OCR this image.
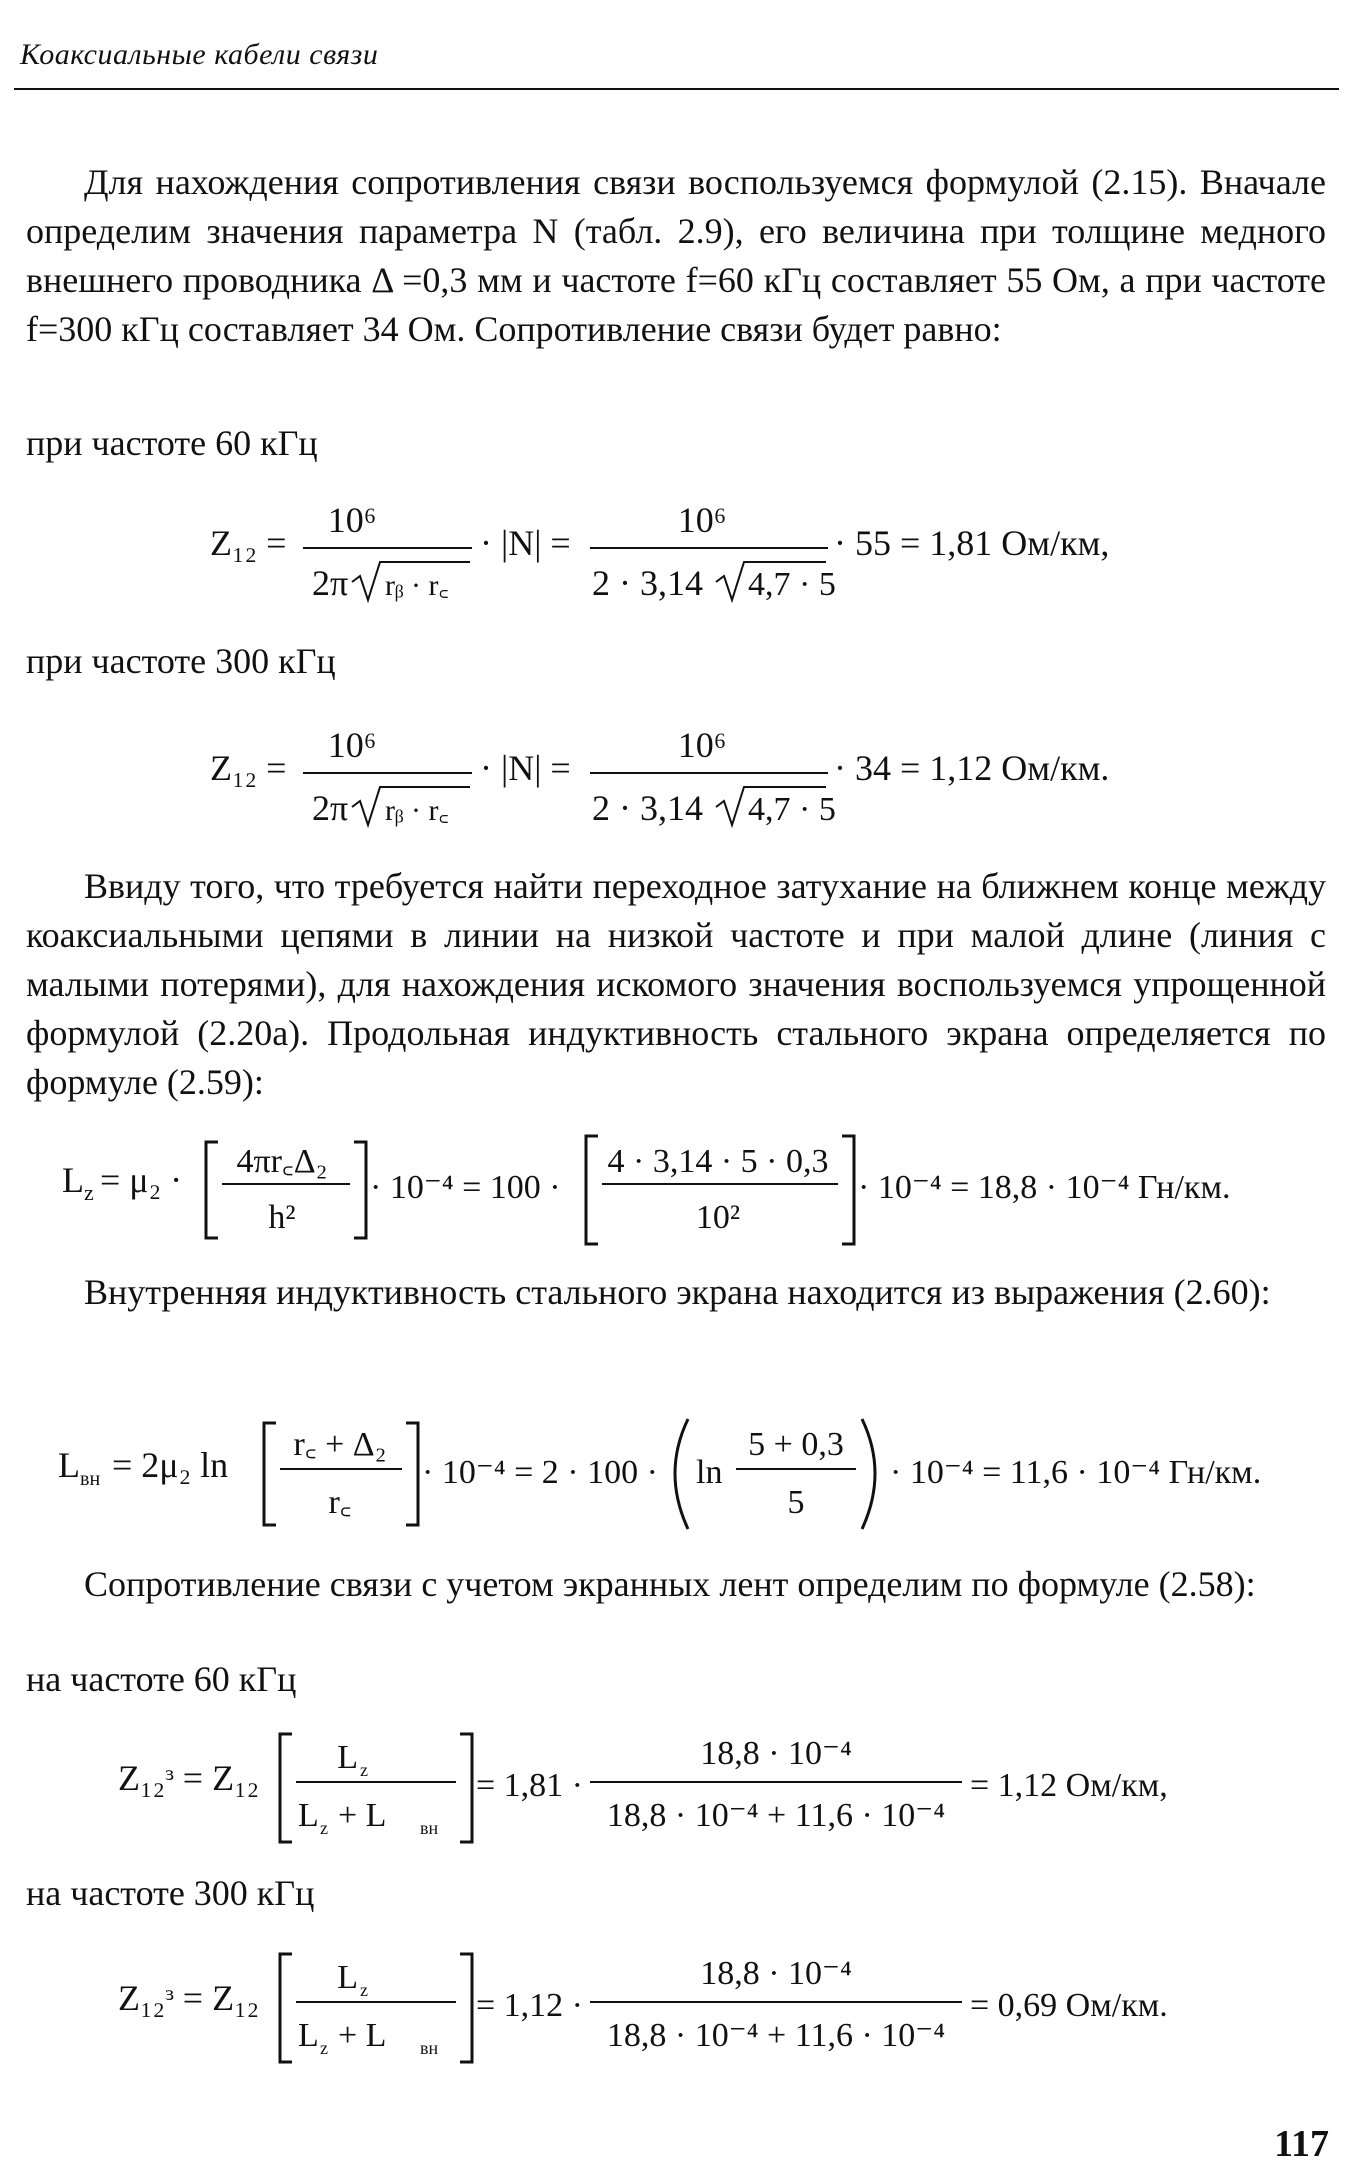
Коаксиальные кабели связи

Для нахождения сопротивления связи воспользуемся формулой (2.15). Вначале определим значения параметра N (табл. 2.9), его величина при толщине медного внешнего проводника Δ =0,3 мм и частоте f=60 кГц составляет 55 Ом, а при частоте f=300 кГц составляет 34 Ом. Сопротивление связи будет равно:

при частоте 60 кГц
Z₁₂ =
10⁶
2π rᵦ · r꜀
· |N| =
10⁶
2 · 3,14 4,7 · 5
· 55 = 1,81 Ом/км,
при частоте 300 кГц
Z₁₂ =
10⁶
2π rᵦ · r꜀
· |N| =
10⁶
2 · 3,14 4,7 · 5
· 34 = 1,12 Ом/км.

Ввиду того, что требуется найти переходное затухание на ближнем конце между коаксиальными цепями в линии на низкой частоте и при малой длине (линия с малыми потерями), для нахождения искомого значения воспользуемся упрощенной формулой (2.20а). Продольная индуктивность стального экрана определяется по формуле (2.59):

L z = μ₂ · 4πr꜀Δ₂
h²
· 10⁻⁴ = 100 ·
4 · 3,14 · 5 · 0,3
10²
· 10⁻⁴ = 18,8 · 10⁻⁴ Гн/км.

Внутренняя индуктивность стального экрана находится из выражения (2.60):

L вн = 2μ₂ ln
r꜀ + Δ₂
r꜀
· 10⁻⁴ = 2 · 100 · ln
5 + 0,3
5
· 10⁻⁴ = 11,6 · 10⁻⁴ Гн/км.

Сопротивление связи с учетом экранных лент определим по формуле (2.58):

на частоте 60 кГц
Z₁₂ᵌ = Z₁₂
L z
L z + L вн
= 1,81 ·
18,8 · 10⁻⁴
18,8 · 10⁻⁴ + 11,6 · 10⁻⁴
= 1,12 Ом/км,
на частоте 300 кГц
Z₁₂ᵌ = Z₁₂
L z
L z + L вн
= 1,12 ·
18,8 · 10⁻⁴
18,8 · 10⁻⁴ + 11,6 · 10⁻⁴
= 0,69 Ом/км.
117
